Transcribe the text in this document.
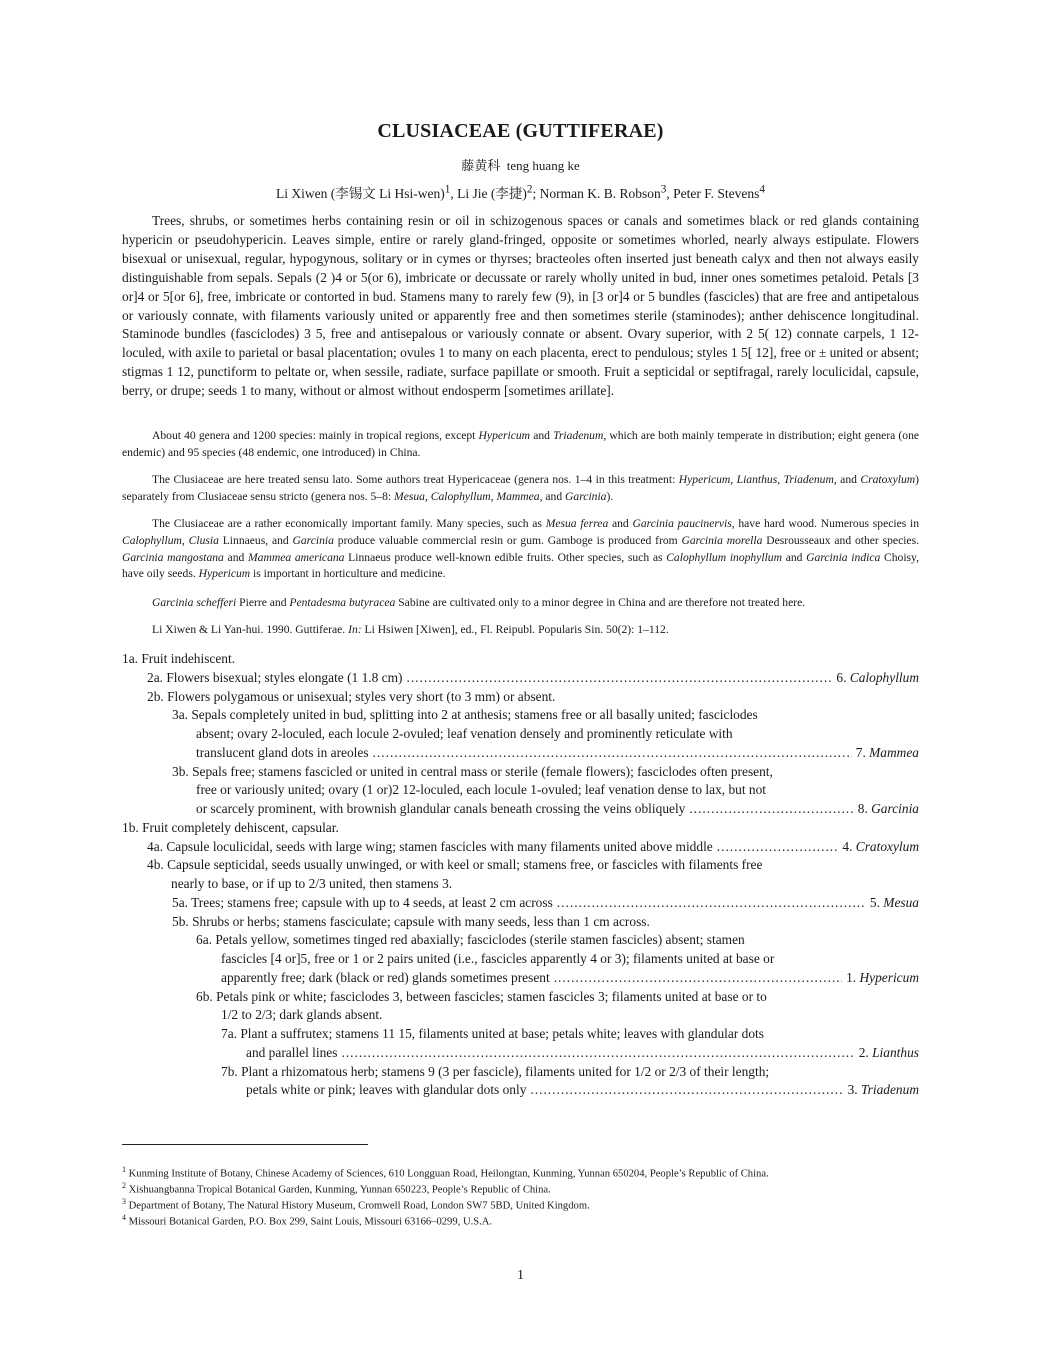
CLUSIACEAE (GUTTIFERAE)
藤黄科 teng huang ke
Li Xiwen (李锡文 Li Hsi-wen)$^1$, Li Jie (李捷)$^2$; Norman K. B. Robson$^3$, Peter F. Stevens$^4$

Trees, shrubs, or sometimes herbs containing resin or oil in schizogenous spaces or canals and sometimes black or red glands containing hypericin or pseudohypericin. Leaves simple, entire or rarely gland-fringed, opposite or sometimes whorled, nearly always estipulate. Flowers bisexual or unisexual, regular, hypogynous, solitary or in cymes or thyrses; bracteoles often inserted just beneath calyx and then not always easily distinguishable from sepals. Sepals (2 )4 or 5(or 6), imbricate or decussate or rarely wholly united in bud, inner ones sometimes petaloid. Petals [3 or]4 or 5[or 6], free, imbricate or contorted in bud. Stamens many to rarely few (9), in [3 or]4 or 5 bundles (fascicles) that are free and antipetalous or variously connate, with filaments variously united or apparently free and then sometimes sterile (staminodes); anther dehiscence longitudinal. Staminode bundles (fasciclodes) 3 5, free and antisepalous or variously connate or absent. Ovary superior, with 2 5( 12) connate carpels, 1 12-loculed, with axile to parietal or basal placentation; ovules 1 to many on each placenta, erect to pendulous; styles 1 5[ 12], free or ± united or absent; stigmas 1 12, punctiform to peltate or, when sessile, radiate, surface papillate or smooth. Fruit a septicidal or septifragal, rarely loculicidal, capsule, berry, or drupe; seeds 1 to many, without or almost without endosperm [sometimes arillate].

About 40 genera and 1200 species: mainly in tropical regions, except Hypericum and Triadenum, which are both mainly temperate in distribution; eight genera (one endemic) and 95 species (48 endemic, one introduced) in China.

The Clusiaceae are here treated sensu lato. Some authors treat Hypericaceae (genera nos. 1–4 in this treatment: Hypericum, Lianthus, Triadenum, and Cratoxylum) separately from Clusiaceae sensu stricto (genera nos. 5–8: Mesua, Calophyllum, Mammea, and Garcinia).

The Clusiaceae are a rather economically important family. Many species, such as Mesua ferrea and Garcinia paucinervis, have hard wood. Numerous species in Calophyllum, Clusia Linnaeus, and Garcinia produce valuable commercial resin or gum. Gamboge is produced from Garcinia morella Desrousseaux and other species. Garcinia mangostana and Mammea americana Linnaeus produce well-known edible fruits. Other species, such as Calophyllum inophyllum and Garcinia indica Choisy, have oily seeds. Hypericum is important in horticulture and medicine.

Garcinia schefferi Pierre and Pentadesma butyracea Sabine are cultivated only to a minor degree in China and are therefore not treated here.

Li Xiwen & Li Yan-hui. 1990. Guttiferae. In: Li Hsiwen [Xiwen], ed., Fl. Reipubl. Popularis Sin. 50(2): 1–112.

1a. Fruit indehiscent.
2a. Flowers bisexual; styles elongate (1 1.8 cm) .....	6. Calophyllum
2b. Flowers polygamous or unisexual; styles very short (to 3 mm) or absent.
3a. Sepals completely united in bud, splitting into 2 at anthesis; stamens free or all basally united; fasciclodes
absent; ovary 2-loculed, each locule 2-ovuled; leaf venation densely and prominently reticulate with
translucent gland dots in areoles .....	7. Mammea
3b. Sepals free; stamens fascicled or united in central mass or sterile (female flowers); fasciclodes often present,
free or variously united; ovary (1 or)2 12-loculed, each locule 1-ovuled; leaf venation dense to lax, but not
or scarcely prominent, with brownish glandular canals beneath crossing the veins obliquely .....	8. Garcinia
1b. Fruit completely dehiscent, capsular.
4a. Capsule loculicidal, seeds with large wing; stamen fascicles with many filaments united above middle .....	4. Cratoxylum
4b. Capsule septicidal, seeds usually unwinged, or with keel or small; stamens free, or fascicles with filaments free
nearly to base, or if up to 2/3 united, then stamens 3.
5a. Trees; stamens free; capsule with up to 4 seeds, at least 2 cm across .....	5. Mesua
5b. Shrubs or herbs; stamens fasciculate; capsule with many seeds, less than 1 cm across.
6a. Petals yellow, sometimes tinged red abaxially; fasciclodes (sterile stamen fascicles) absent; stamen
fascicles [4 or]5, free or 1 or 2 pairs united (i.e., fascicles apparently 4 or 3); filaments united at base or
apparently free; dark (black or red) glands sometimes present .....	1. Hypericum
6b. Petals pink or white; fasciclodes 3, between fascicles; stamen fascicles 3; filaments united at base or to
1/2 to 2/3; dark glands absent.
7a. Plant a suffrutex; stamens 11 15, filaments united at base; petals white; leaves with glandular dots
and parallel lines .....	2. Lianthus
7b. Plant a rhizomatous herb; stamens 9 (3 per fascicle), filaments united for 1/2 or 2/3 of their length;
petals white or pink; leaves with glandular dots only .....	3. Triadenum
$^1$ Kunming Institute of Botany, Chinese Academy of Sciences, 610 Longguan Road, Heilongtan, Kunming, Yunnan 650204, People’s Republic of China.
$^2$ Xishuangbanna Tropical Botanical Garden, Kunming, Yunnan 650223, People’s Republic of China.
$^3$ Department of Botany, The Natural History Museum, Cromwell Road, London SW7 5BD, United Kingdom.
$^4$ Missouri Botanical Garden, P.O. Box 299, Saint Louis, Missouri 63166–0299, U.S.A.
1
